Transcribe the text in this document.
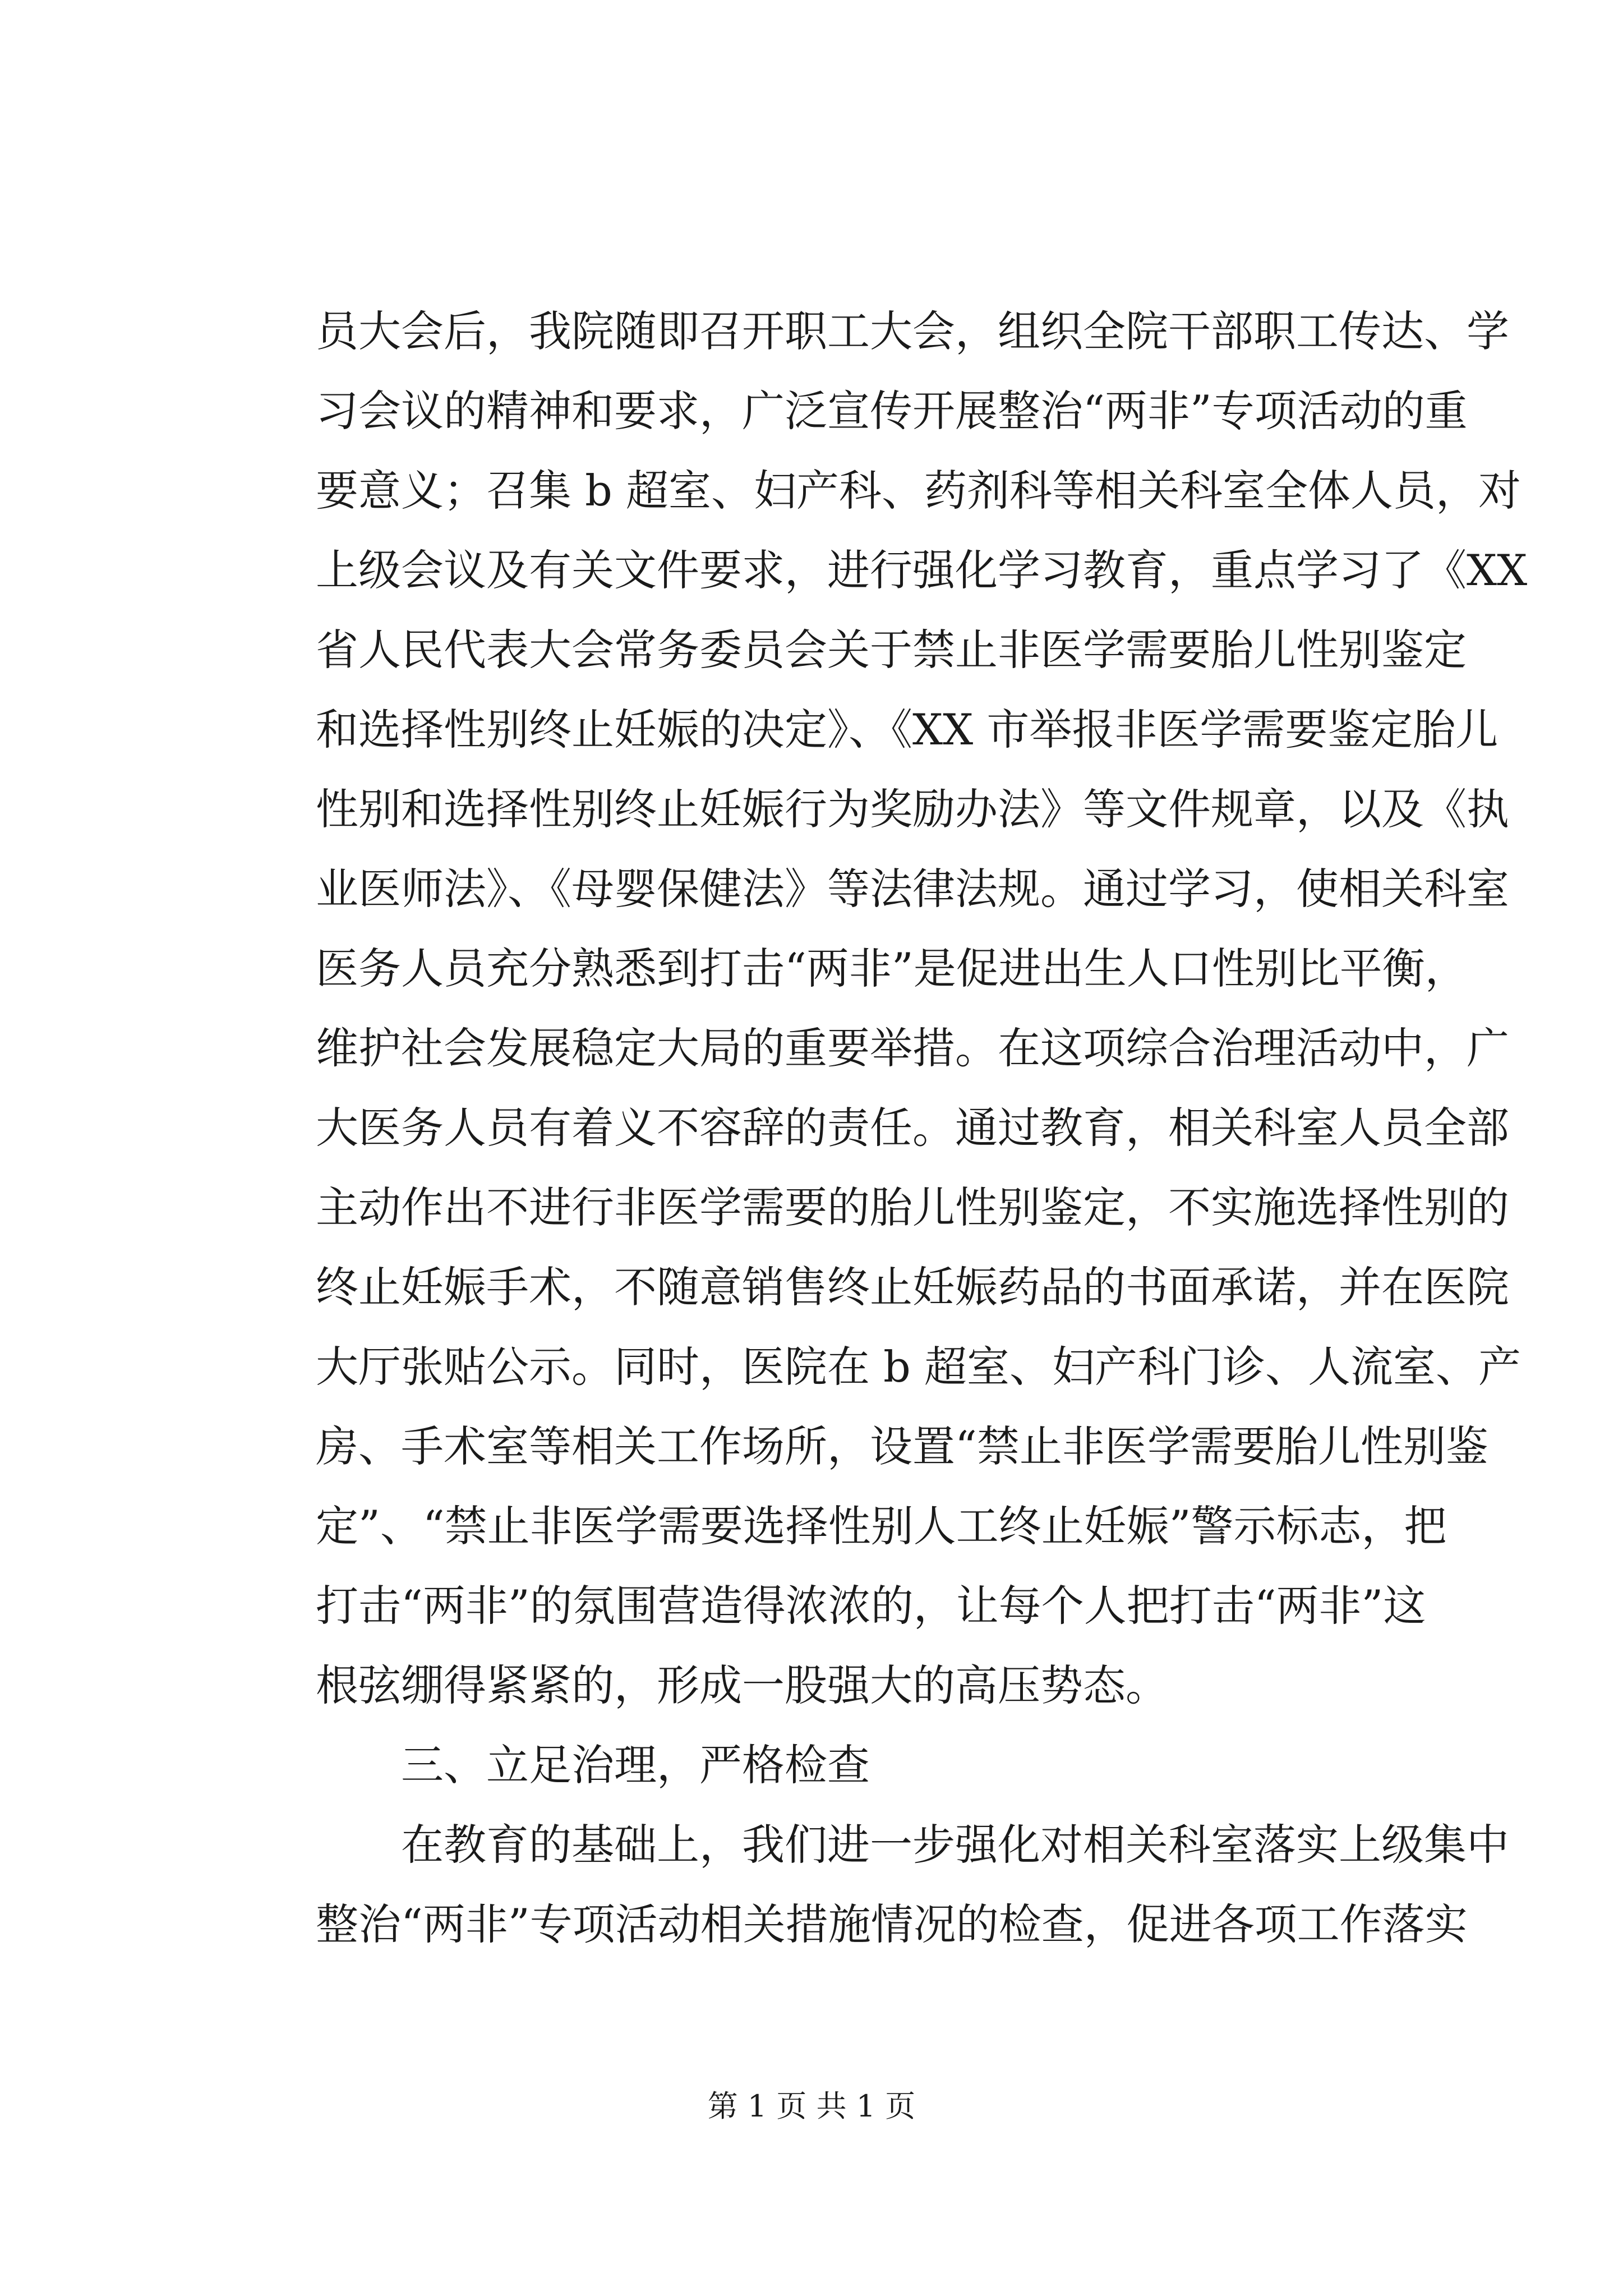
员大会后，我院随即召开职工大会，组织全院干部职工传达、学
习会议的精神和要求，广泛宣传开展整治“两非”专项活动的重
要意义；召集 b 超室、妇产科、药剂科等相关科室全体人员，对
上级会议及有关文件要求，进行强化学习教育，重点学习了《XX
省人民代表大会常务委员会关于禁止非医学需要胎儿性别鉴定
和选择性别终止妊娠的决定》、《XX 市举报非医学需要鉴定胎儿
性别和选择性别终止妊娠行为奖励办法》等文件规章，以及《执
业医师法》、《母婴保健法》等法律法规。通过学习，使相关科室
医务人员充分熟悉到打击“两非”是促进出生人口性别比平衡，
维护社会发展稳定大局的重要举措。在这项综合治理活动中，广
大医务人员有着义不容辞的责任。通过教育，相关科室人员全部
主动作出不进行非医学需要的胎儿性别鉴定，不实施选择性别的
终止妊娠手术，不随意销售终止妊娠药品的书面承诺，并在医院
大厅张贴公示。同时，医院在 b 超室、妇产科门诊、人流室、产
房、手术室等相关工作场所，设置“禁止非医学需要胎儿性别鉴
定”、“禁止非医学需要选择性别人工终止妊娠”警示标志，把
打击“两非”的氛围营造得浓浓的，让每个人把打击“两非”这
根弦绷得紧紧的，形成一股强大的高压势态。
三、立足治理，严格检查
在教育的基础上，我们进一步强化对相关科室落实上级集中
整治“两非”专项活动相关措施情况的检查，促进各项工作落实
第 1 页 共 1 页
